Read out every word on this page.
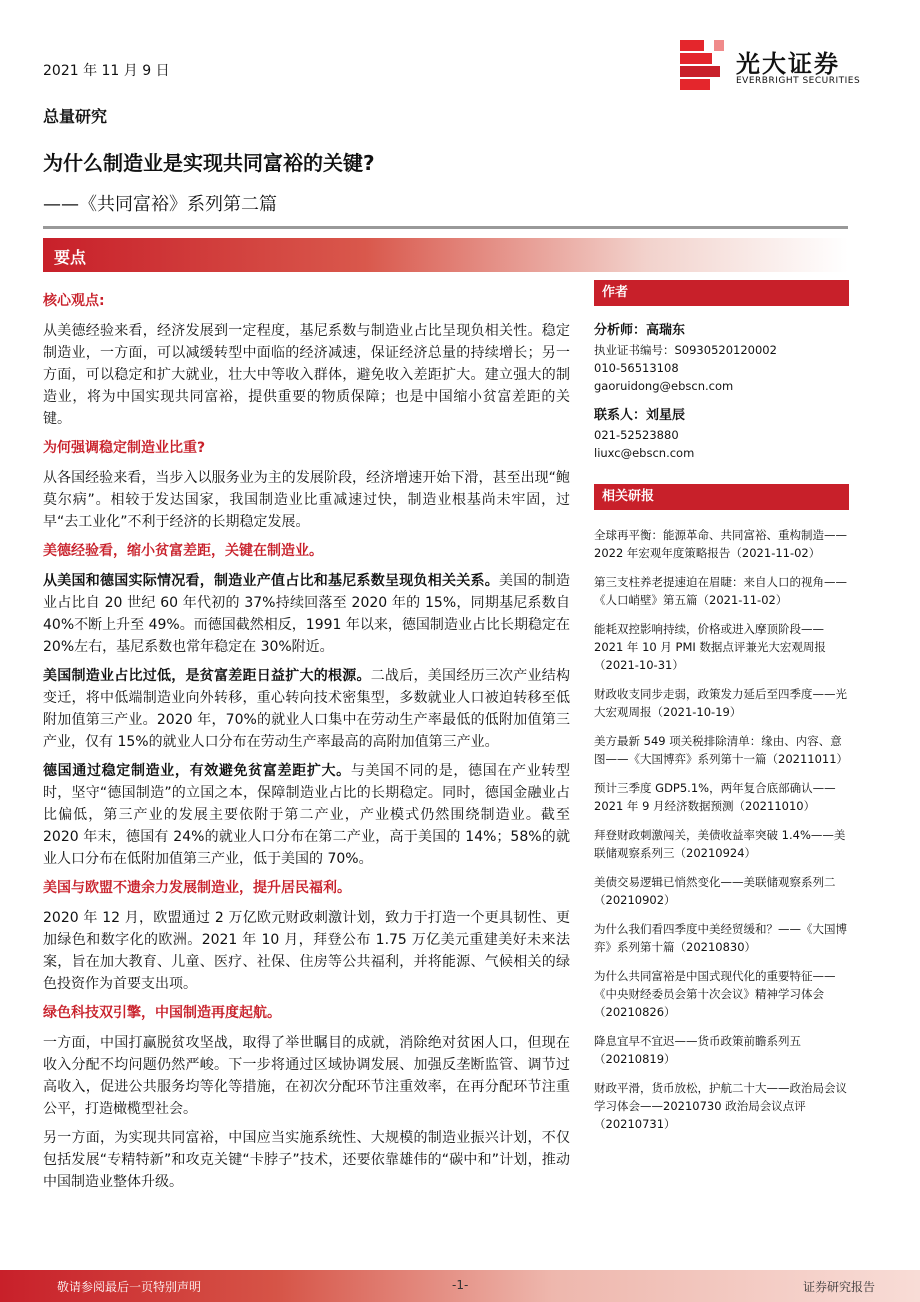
2021 年 11 月 9 日	光大证券
EVERBRIGHT SECURITIES
总量研究
为什么制造业是实现共同富裕的关键?
——《共同富裕》系列第二篇
要点

核心观点:

从美德经验来看，经济发展到一定程度，基尼系数与制造业占比呈现负相关性。稳定制造业，一方面，可以减缓转型中面临的经济减速，保证经济总量的持续增长；另一方面，可以稳定和扩大就业，壮大中等收入群体，避免收入差距扩大。建立强大的制造业，将为中国实现共同富裕，提供重要的物质保障；也是中国缩小贫富差距的关键。

为何强调稳定制造业比重?

从各国经验来看，当步入以服务业为主的发展阶段，经济增速开始下滑，甚至出现“鲍莫尔病”。相较于发达国家，我国制造业比重减速过快，制造业根基尚未牢固，过早“去工业化”不利于经济的长期稳定发展。

美德经验看，缩小贫富差距，关键在制造业。

从美国和德国实际情况看，制造业产值占比和基尼系数呈现负相关关系。美国的制造业占比自 20 世纪 60 年代初的 37%持续回落至 2020 年的 15%，同期基尼系数自 40%不断上升至 49%。而德国截然相反，1991 年以来，德国制造业占比长期稳定在 20%左右，基尼系数也常年稳定在 30%附近。

美国制造业占比过低，是贫富差距日益扩大的根源。二战后，美国经历三次产业结构变迁，将中低端制造业向外转移，重心转向技术密集型，多数就业人口被迫转移至低附加值第三产业。2020 年，70%的就业人口集中在劳动生产率最低的低附加值第三产业，仅有 15%的就业人口分布在劳动生产率最高的高附加值第三产业。

德国通过稳定制造业，有效避免贫富差距扩大。与美国不同的是，德国在产业转型时，坚守“德国制造”的立国之本，保障制造业占比的长期稳定。同时，德国金融业占比偏低，第三产业的发展主要依附于第二产业，产业模式仍然围绕制造业。截至 2020 年末，德国有 24%的就业人口分布在第二产业，高于美国的 14%；58%的就业人口分布在低附加值第三产业，低于美国的 70%。

美国与欧盟不遗余力发展制造业，提升居民福利。

2020 年 12 月，欧盟通过 2 万亿欧元财政刺激计划，致力于打造一个更具韧性、更加绿色和数字化的欧洲。2021 年 10 月，拜登公布 1.75 万亿美元重建美好未来法案，旨在加大教育、儿童、医疗、社保、住房等公共福利，并将能源、气候相关的绿色投资作为首要支出项。

绿色科技双引擎，中国制造再度起航。

一方面，中国打赢脱贫攻坚战，取得了举世瞩目的成就，消除绝对贫困人口，但现在收入分配不均问题仍然严峻。下一步将通过区域协调发展、加强反垄断监管、调节过高收入，促进公共服务均等化等措施，在初次分配环节注重效率，在再分配环节注重公平，打造橄榄型社会。

另一方面，为实现共同富裕，中国应当实施系统性、大规模的制造业振兴计划，不仅包括发展“专精特新”和攻克关键“卡脖子”技术，还要依靠雄伟的“碳中和”计划，推动中国制造业整体升级。

作者
分析师：高瑞东
执业证书编号：S0930520120002
010-56513108
gaoruidong@ebscn.com
联系人：刘星辰
021-52523880
liuxc@ebscn.com
相关研报
全球再平衡：能源革命、共同富裕、重构制造——2022 年宏观年度策略报告（2021-11-02）
第三支柱养老提速迫在眉睫：来自人口的视角——《人口峭壁》第五篇（2021-11-02）
能耗双控影响持续，价格或进入摩顶阶段——2021 年 10 月 PMI 数据点评兼光大宏观周报（2021-10-31）
财政收支同步走弱，政策发力延后至四季度——光大宏观周报（2021-10-19）
美方最新 549 项关税排除清单：缘由、内容、意图——《大国博弈》系列第十一篇（20211011）
预计三季度 GDP5.1%，两年复合底部确认——2021 年 9 月经济数据预测（20211010）
拜登财政刺激闯关，美债收益率突破 1.4%——美联储观察系列三（20210924）
美债交易逻辑已悄然变化——美联储观察系列二（20210902）
为什么我们看四季度中美经贸缓和？——《大国博弈》系列第十篇（20210830）
为什么共同富裕是中国式现代化的重要特征——《中央财经委员会第十次会议》精神学习体会（20210826）
降息宜早不宜迟——货币政策前瞻系列五（20210819）
财政平滑，货币放松，护航二十大——政治局会议学习体会——20210730 政治局会议点评（20210731）
敬请参阅最后一页特别声明	-1-	证券研究报告
